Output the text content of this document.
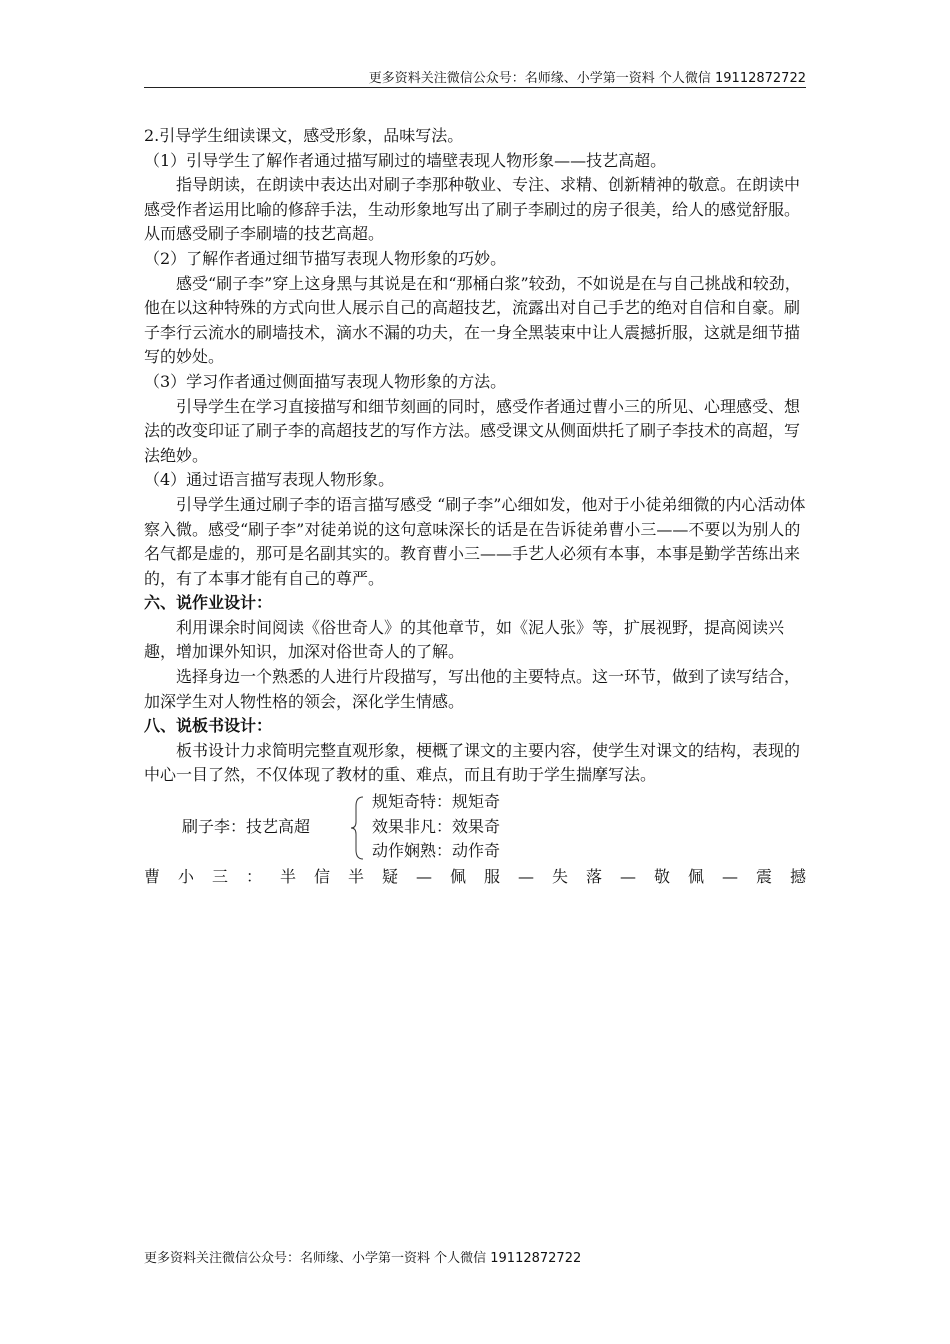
更多资料关注微信公众号：名师缘、小学第一资料 个人微信 19112872722

2.引导学生细读课文，感受形象，品味写法。

（1）引导学生了解作者通过描写刷过的墙壁表现人物形象——技艺高超。

指导朗读，在朗读中表达出对刷子李那种敬业、专注、求精、创新精神的敬意。在朗读中感受作者运用比喻的修辞手法，生动形象地写出了刷子李刷过的房子很美，给人的感觉舒服。从而感受刷子李刷墙的技艺高超。

（2）了解作者通过细节描写表现人物形象的巧妙。

感受“刷子李”穿上这身黑与其说是在和“那桶白浆”较劲，不如说是在与自己挑战和较劲，他在以这种特殊的方式向世人展示自己的高超技艺，流露出对自己手艺的绝对自信和自豪。刷子李行云流水的刷墙技术，滴水不漏的功夫，在一身全黑装束中让人震撼折服，这就是细节描写的妙处。

（3）学习作者通过侧面描写表现人物形象的方法。

引导学生在学习直接描写和细节刻画的同时，感受作者通过曹小三的所见、心理感受、想法的改变印证了刷子李的高超技艺的写作方法。感受课文从侧面烘托了刷子李技术的高超，写法绝妙。

（4）通过语言描写表现人物形象。

引导学生通过刷子李的语言描写感受 “刷子李”心细如发，他对于小徒弟细微的内心活动体察入微。感受“刷子李”对徒弟说的这句意味深长的话是在告诉徒弟曹小三——不要以为别人的名气都是虚的，那可是名副其实的。教育曹小三——手艺人必须有本事，本事是勤学苦练出来的，有了本事才能有自己的尊严。

六、说作业设计：

利用课余时间阅读《俗世奇人》的其他章节，如《泥人张》等，扩展视野，提高阅读兴趣，增加课外知识，加深对俗世奇人的了解。

选择身边一个熟悉的人进行片段描写，写出他的主要特点。这一环节，做到了读写结合，加深学生对人物性格的领会，深化学生情感。

八、说板书设计：

板书设计力求简明完整直观形象，梗概了课文的主要内容，使学生对课文的结构，表现的中心一目了然，不仅体现了教材的重、难点，而且有助于学生揣摩写法。

刷子李：技艺高超
规矩奇特：规矩奇
效果非凡：效果奇
动作娴熟：动作奇
曹 小 三 ： 半 信 半 疑 — 佩 服 — 失 落 — 敬 佩 — 震 撼
更多资料关注微信公众号：名师缘、小学第一资料 个人微信 19112872722
